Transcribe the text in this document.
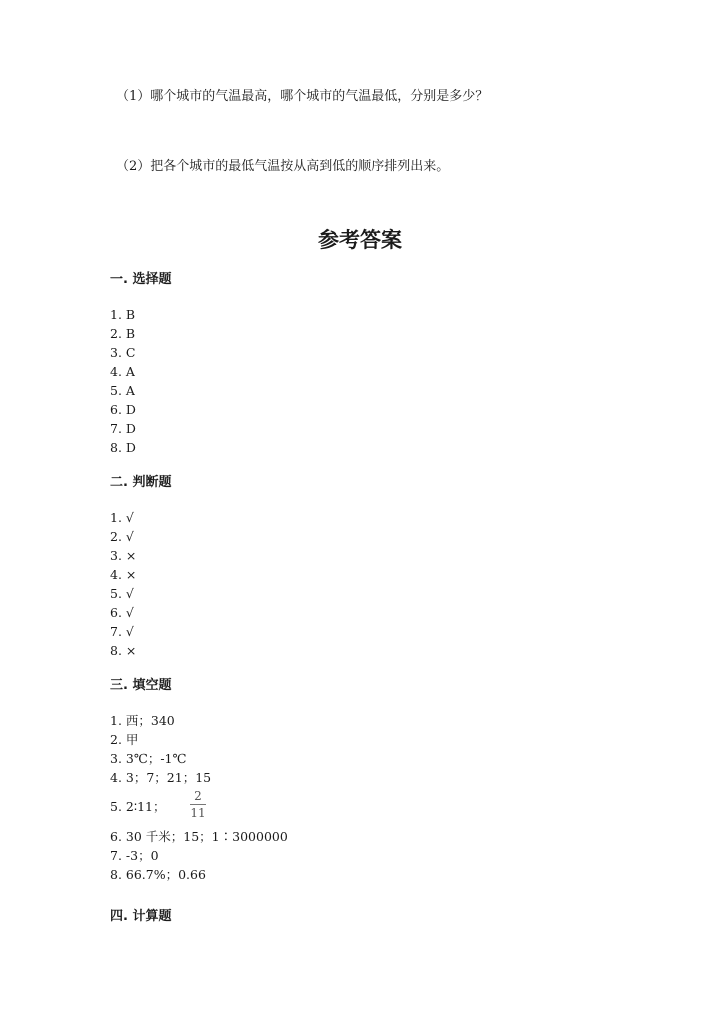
（1）哪个城市的气温最高，哪个城市的气温最低，分别是多少？
（2）把各个城市的最低气温按从高到低的顺序排列出来。
参考答案
一. 选择题
1. B
2. B
3. C
4. A
5. A
6. D
7. D
8. D
二. 判断题
1. √
2. √
3. ×
4. ×
5. √
6. √
7. √
8. ×
三. 填空题
1. 西；340
2. 甲
3. 3℃；-1℃
4. 3；7；21；15
5. 2∶11；
2
11
6. 30 千米；15；1∶3000000
7. -3；0
8. 66.7%；0.66
四. 计算题
